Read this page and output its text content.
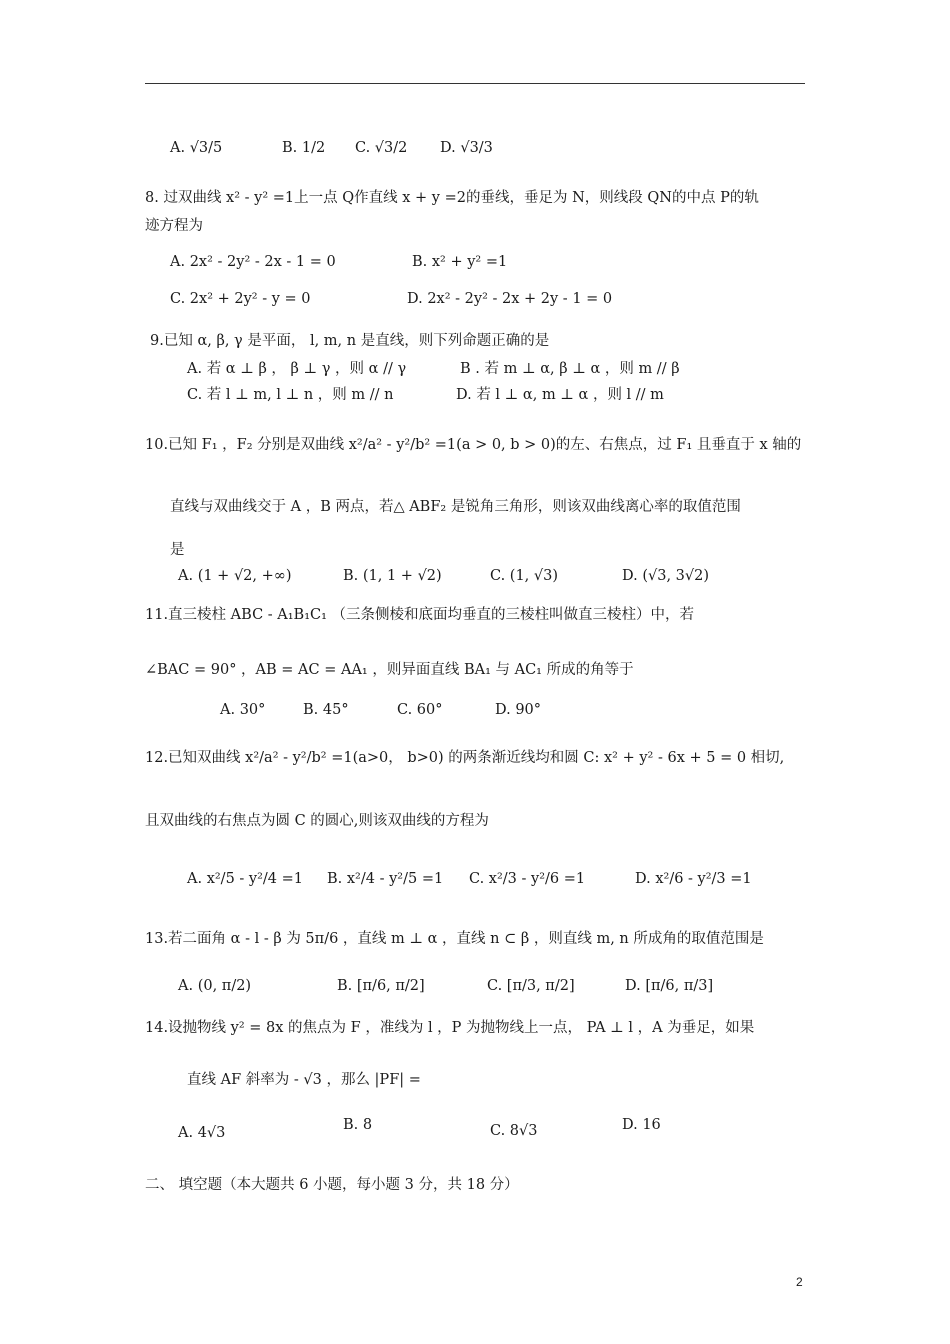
A. √3/5	B. 1/2 C. √3/2 D. √3/3
8. 过双曲线 x² - y² =1上一点 Q作直线 x + y =2的垂线，垂足为 N，则线段 QN的中点 P的轨
迹方程为
A. 2x² - 2y² - 2x - 1 = 0	B. x² + y² =1
C. 2x² + 2y² - y = 0	D. 2x² - 2y² - 2x + 2y - 1 = 0
9.已知 α, β, γ 是平面， l, m, n 是直线，则下列命题正确的是
A. 若 α ⊥ β ， β ⊥ γ ，则 α // γ	B . 若 m ⊥ α, β ⊥ α ，则 m // β
C. 若 l ⊥ m, l ⊥ n ，则 m // n	D. 若 l ⊥ α, m ⊥ α ，则 l // m
10.已知 F₁ ，F₂ 分别是双曲线 x²/a² - y²/b² =1(a > 0, b > 0)的左、右焦点，过 F₁ 且垂直于 x 轴的
直线与双曲线交于 A ，B 两点，若△ ABF₂ 是锐角三角形，则该双曲线离心率的取值范围
是
A. (1 + √2, +∞)	B. (1, 1 + √2)	C. (1, √3)	D. (√3, 3√2)
11.直三棱柱 ABC - A₁B₁C₁ （三条侧棱和底面均垂直的三棱柱叫做直三棱柱）中，若
∠BAC = 90° ，AB = AC = AA₁ ，则异面直线 BA₁ 与 AC₁ 所成的角等于
A. 30°	B. 45°	C. 60°	D. 90°
12.已知双曲线 x²/a² - y²/b² =1(a>0， b>0) 的两条渐近线均和圆 C: x² + y² - 6x + 5 = 0 相切,
且双曲线的右焦点为圆 C 的圆心,则该双曲线的方程为
A. x²/5 - y²/4 =1 B. x²/4 - y²/5 =1 C. x²/3 - y²/6 =1	D. x²/6 - y²/3 =1
13.若二面角 α - l - β 为 5π/6 ，直线 m ⊥ α ，直线 n ⊂ β ，则直线 m, n 所成角的取值范围是
A. (0, π/2)	B. [π/6, π/2]	C. [π/3, π/2]	D. [π/6, π/3]
14.设抛物线 y² = 8x 的焦点为 F ，准线为 l ，P 为抛物线上一点， PA ⊥ l ，A 为垂足，如果
直线 AF 斜率为 - √3 ，那么 |PF| =
A. 4√3	B. 8	C. 8√3	D. 16
二、 填空题（本大题共 6 小题，每小题 3 分，共 18 分）
2
